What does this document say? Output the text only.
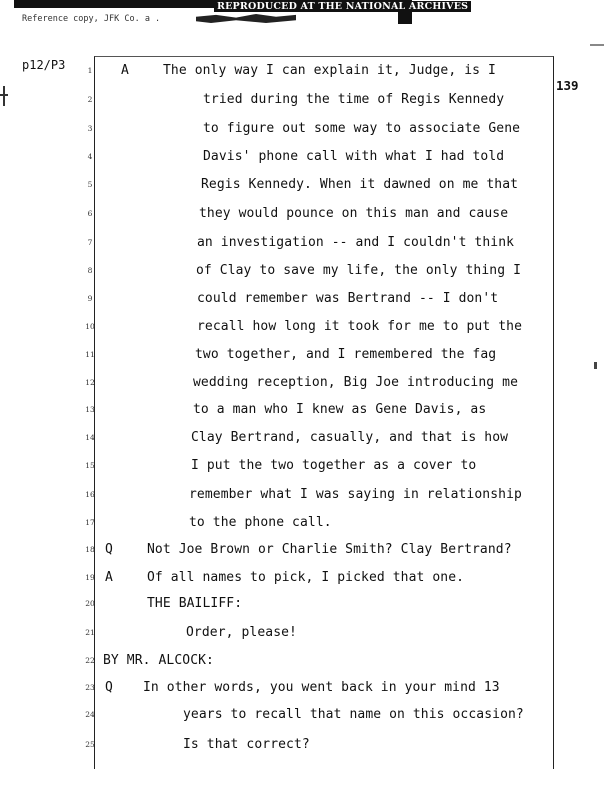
REPRODUCED AT THE NATIONAL ARCHIVES
Reference copy, JFK Co. a .
p12/P3
139
1	A	The only way I can explain it, Judge, is I
2	tried during the time of Regis Kennedy
3	to figure out some way to associate Gene
4	Davis' phone call with what I had told
5	Regis Kennedy. When it dawned on me that
6	they would pounce on this man and cause
7	an investigation -- and I couldn't think
8	of Clay to save my life, the only thing I
9	could remember was Bertrand -- I don't
10	recall how long it took for me to put the
11	two together, and I remembered the fag
12	wedding reception, Big Joe introducing me
13	to a man who I knew as Gene Davis, as
14	Clay Bertrand, casually, and that is how
15	I put the two together as a cover to
16	remember what I was saying in relationship
17	to the phone call.
18 Q	Not Joe Brown or Charlie Smith? Clay Bertrand?
19 A	Of all names to pick, I picked that one.
20	THE BAILIFF:
21	Order, please!
22 BY MR. ALCOCK:
23 Q In other words, you went back in your mind 13
24	years to recall that name on this occasion?
25	Is that correct?
